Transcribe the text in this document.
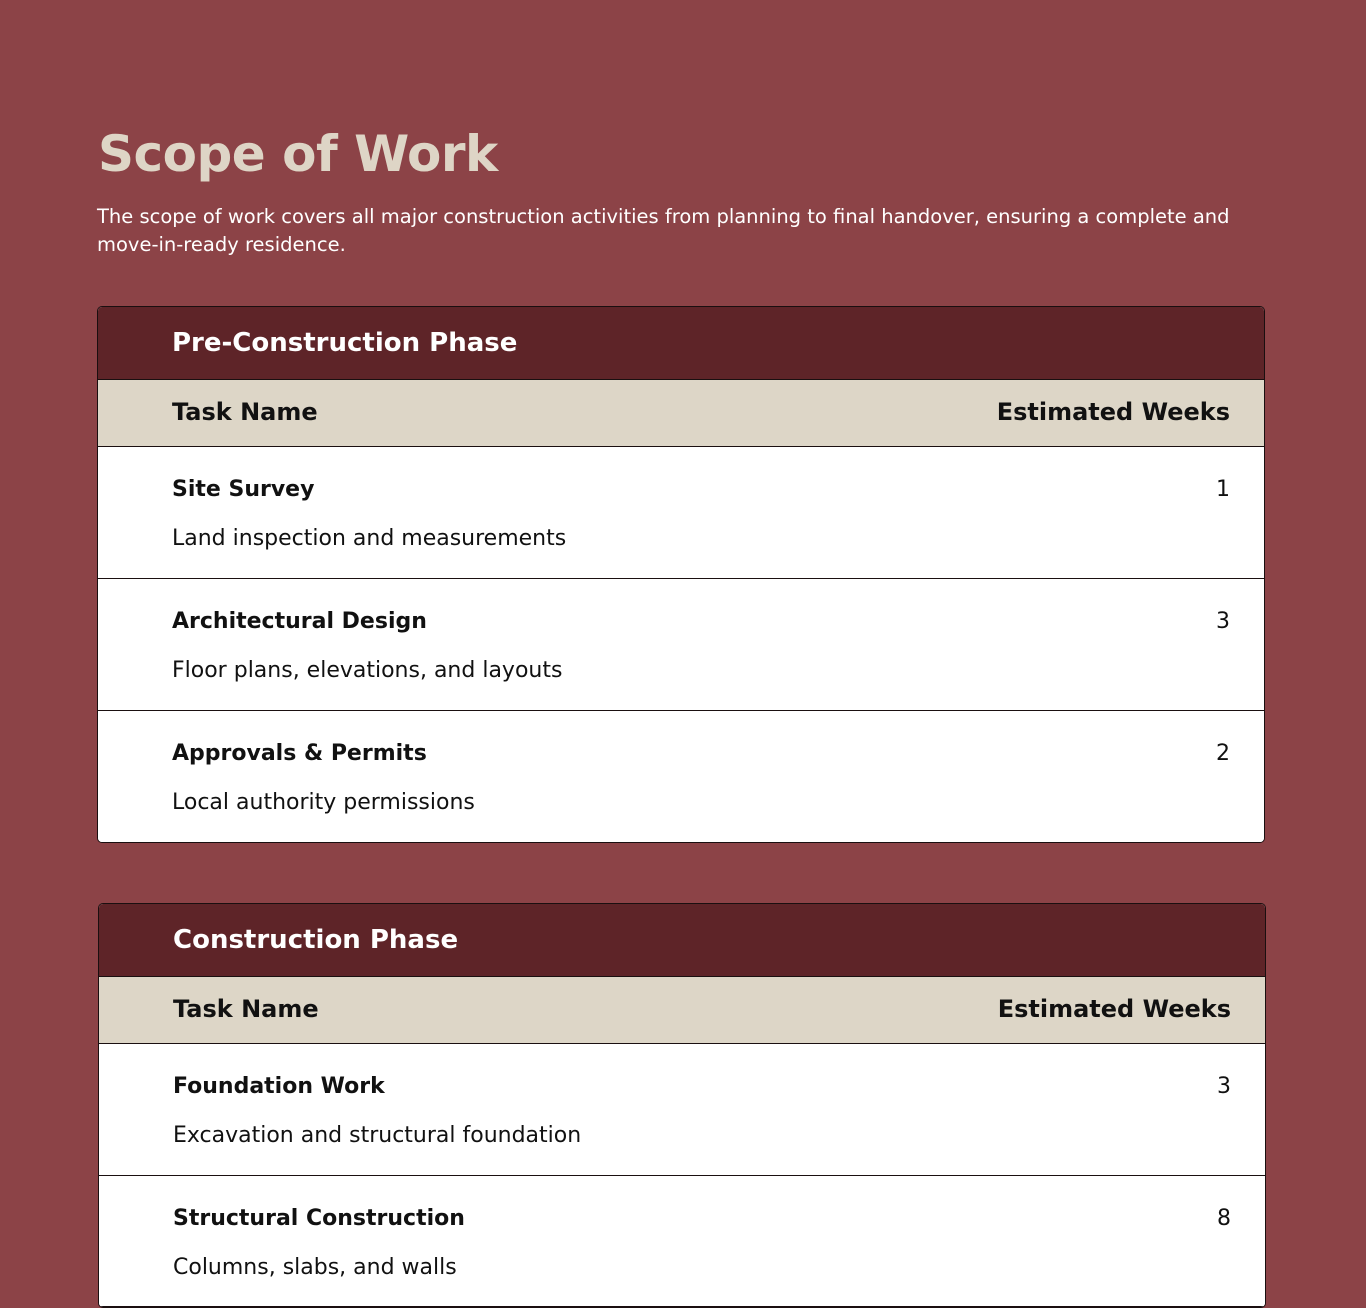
Scope of Work

The scope of work covers all major construction activities from planning to final handover, ensuring a complete and move-in-ready residence.

Pre-Construction Phase
Task Name	Estimated Weeks
Site Survey
Land inspection and measurements
1
Architectural Design
Floor plans, elevations, and layouts
3
Approvals & Permits
Local authority permissions
2
Construction Phase
Task Name	Estimated Weeks
Foundation Work
Excavation and structural foundation
3
Structural Construction
Columns, slabs, and walls
8
